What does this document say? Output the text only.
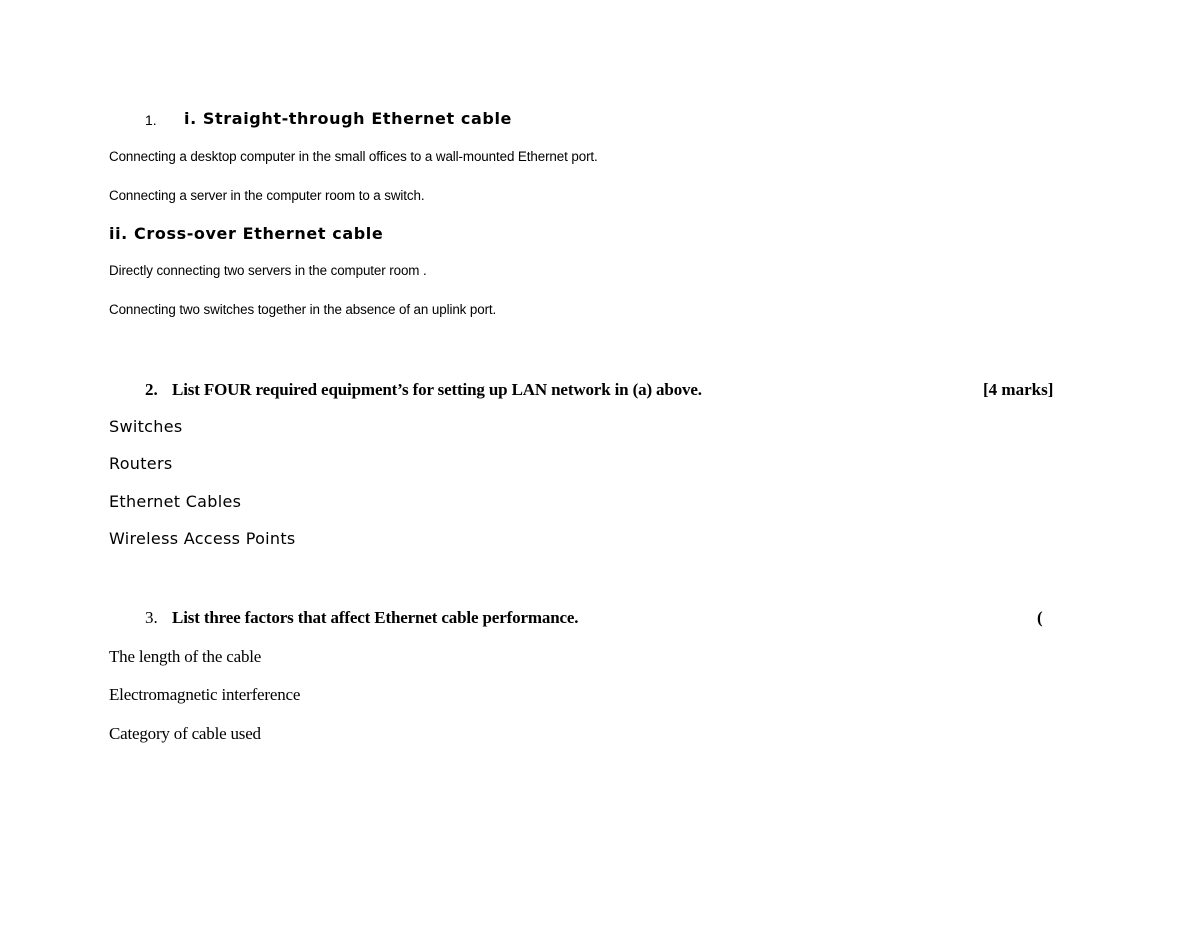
1. i. Straight-through Ethernet cable
Connecting a desktop computer in the small offices to a wall-mounted Ethernet port.
Connecting a server in the computer room to a switch.
ii. Cross-over Ethernet cable
Directly connecting two servers in the computer room .
Connecting two switches together in the absence of an uplink port.
2. List FOUR required equipment’s for setting up LAN network in (a) above.	[4 marks]
Switches
Routers
Ethernet Cables
Wireless Access Points
3. List three factors that affect Ethernet cable performance.	(
The length of the cable
Electromagnetic interference
Category of cable used
